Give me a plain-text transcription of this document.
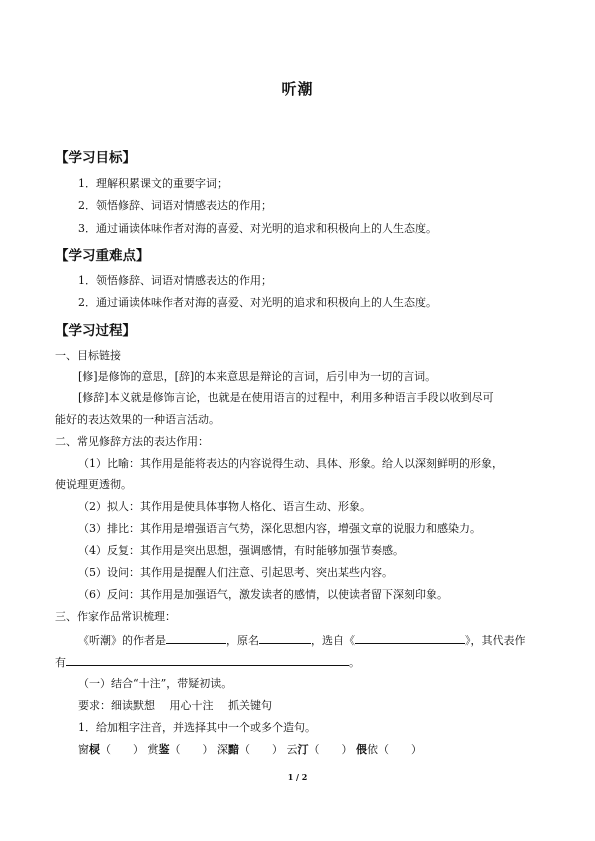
听潮
【学习目标】
1．理解积累课文的重要字词；
2．领悟修辞、词语对情感表达的作用；
3．通过诵读体味作者对海的喜爱、对光明的追求和积极向上的人生态度。
【学习重难点】
1．领悟修辞、词语对情感表达的作用；
2．通过诵读体味作者对海的喜爱、对光明的追求和积极向上的人生态度。
【学习过程】
一、目标链接
[修]是修饰的意思，[辞]的本来意思是辩论的言词，后引申为一切的言词。
[修辞]本义就是修饰言论，也就是在使用语言的过程中，利用多种语言手段以收到尽可
能好的表达效果的一种语言活动。
二、常见修辞方法的表达作用：
（1）比喻：其作用是能将表达的内容说得生动、具体、形象。给人以深刻鲜明的形象，
使说理更透彻。
（2）拟人：其作用是使具体事物人格化、语言生动、形象。
（3）排比：其作用是增强语言气势，深化思想内容，增强文章的说服力和感染力。
（4）反复：其作用是突出思想，强调感情，有时能够加强节奏感。
（5）设问：其作用是提醒人们注意、引起思考、突出某些内容。
（6）反问：其作用是加强语气，激发读者的感情，以使读者留下深刻印象。
三、作家作品常识梳理：
《听潮》的作者是	，原名	，选自《	》，其代表作
有	。
（一）结合“十注”，带疑初读。
要求：细读默想　 用心十注　 抓关键句
1．给加粗字注音，并选择其中一个或多个造句。
窗棂（　　） 赏鉴（　　） 深黯（　　） 云汀（　　） 偎依（　　）
1 / 2
